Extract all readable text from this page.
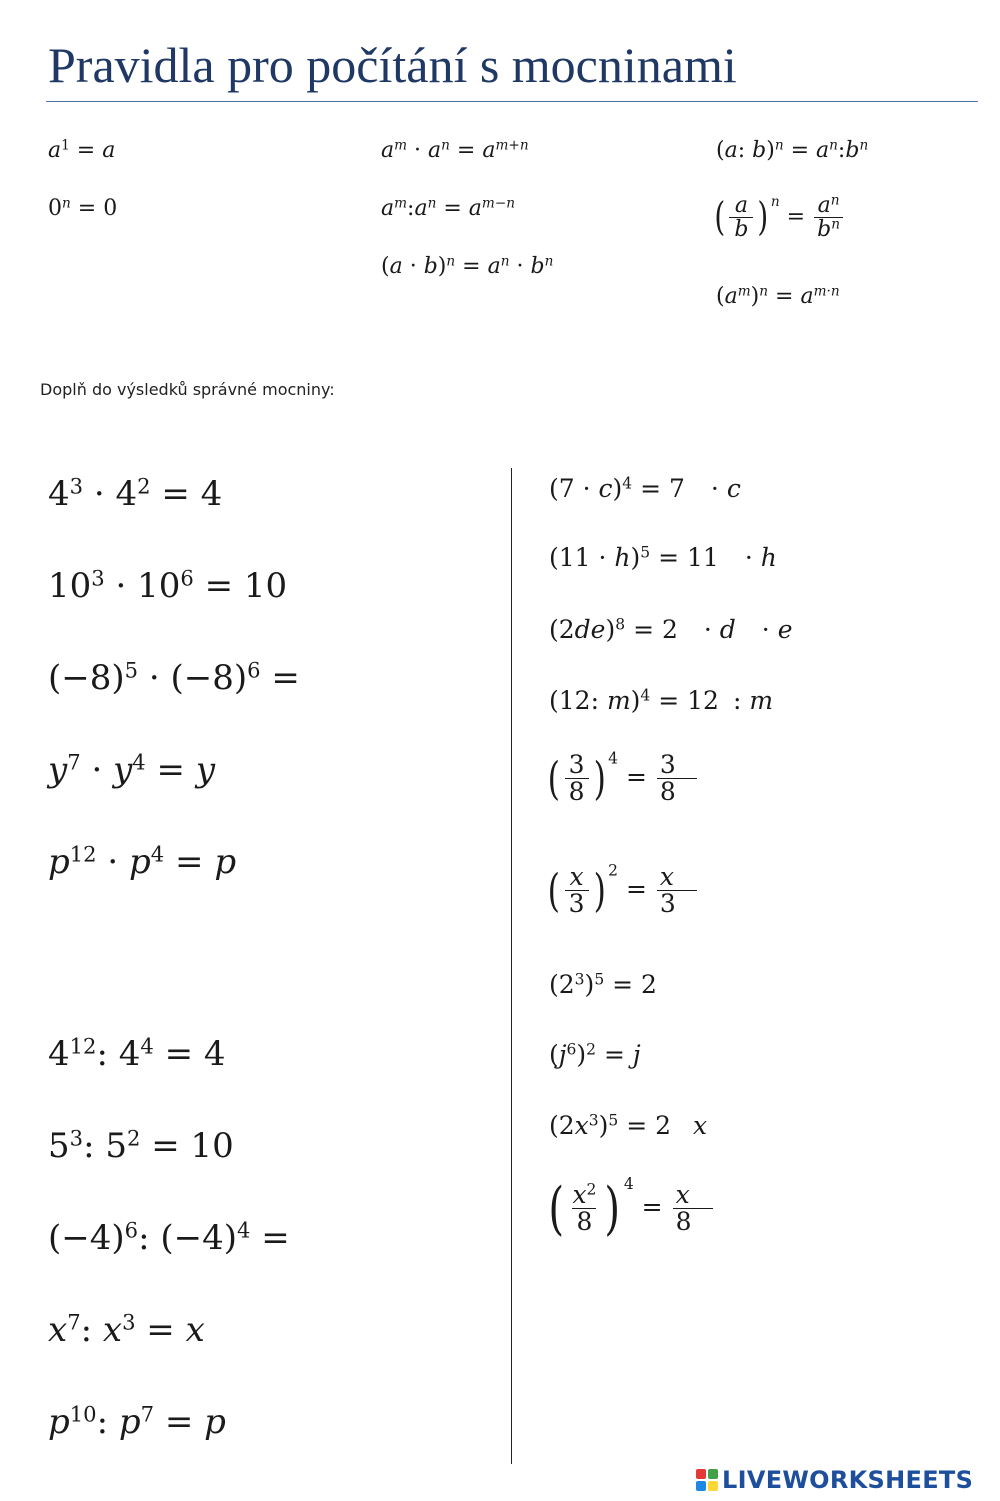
Pravidla pro počítání s mocninami
$a^1 = a$
$0^n = 0$
$a^m \cdot a^n = a^{m+n}$
$a^m:a^n = a^{m-n}$
$(a \cdot b)^n = a^n \cdot b^n$
(a: $b)^n = a^n:b^n$
( $\frac{a}{b}$ ) $^n = \frac{a^n}{b^n}$
$(a^m)^n = a^{m\cdot n}$
Doplň do výsledků správné mocniny:
$4^3 \cdot 4^2 = 4$
$10^3 \cdot 10^6 = 10$
$(-8)^5 \cdot (-8)^6$ =
$y^7 \cdot y^4 = y$
$p^{12} \cdot p^4 = p$
$4^{12}$: $4^4 = 4$
$5^3$: $5^2 = 10$
$(-4)^6$: $(-4)^4$ =
$x^7$: $x^3 = x$
$p^{10}$: $p^7 = p$
$(7 \cdot c)^4 = 7 \cdot c$
$(11 \cdot h)^5 = 11 \cdot h$
$(2de)^8 = 2 \cdot d \cdot e$
(12: m)$^4$ = 12 : m
( $\frac{3}{8}$ ) $^4 = \frac{3}{8}$
( $\frac{x}{3}$ ) $^2 = \frac{x}{3}$
$(2^3)^5 = 2$
$(j^6)^2 = j$
$(2x^3)^5 = 2$ x
( $\frac{x^2}{8}$ ) $^4 = \frac{x}{8}$
LIVEWORKSHEETS
